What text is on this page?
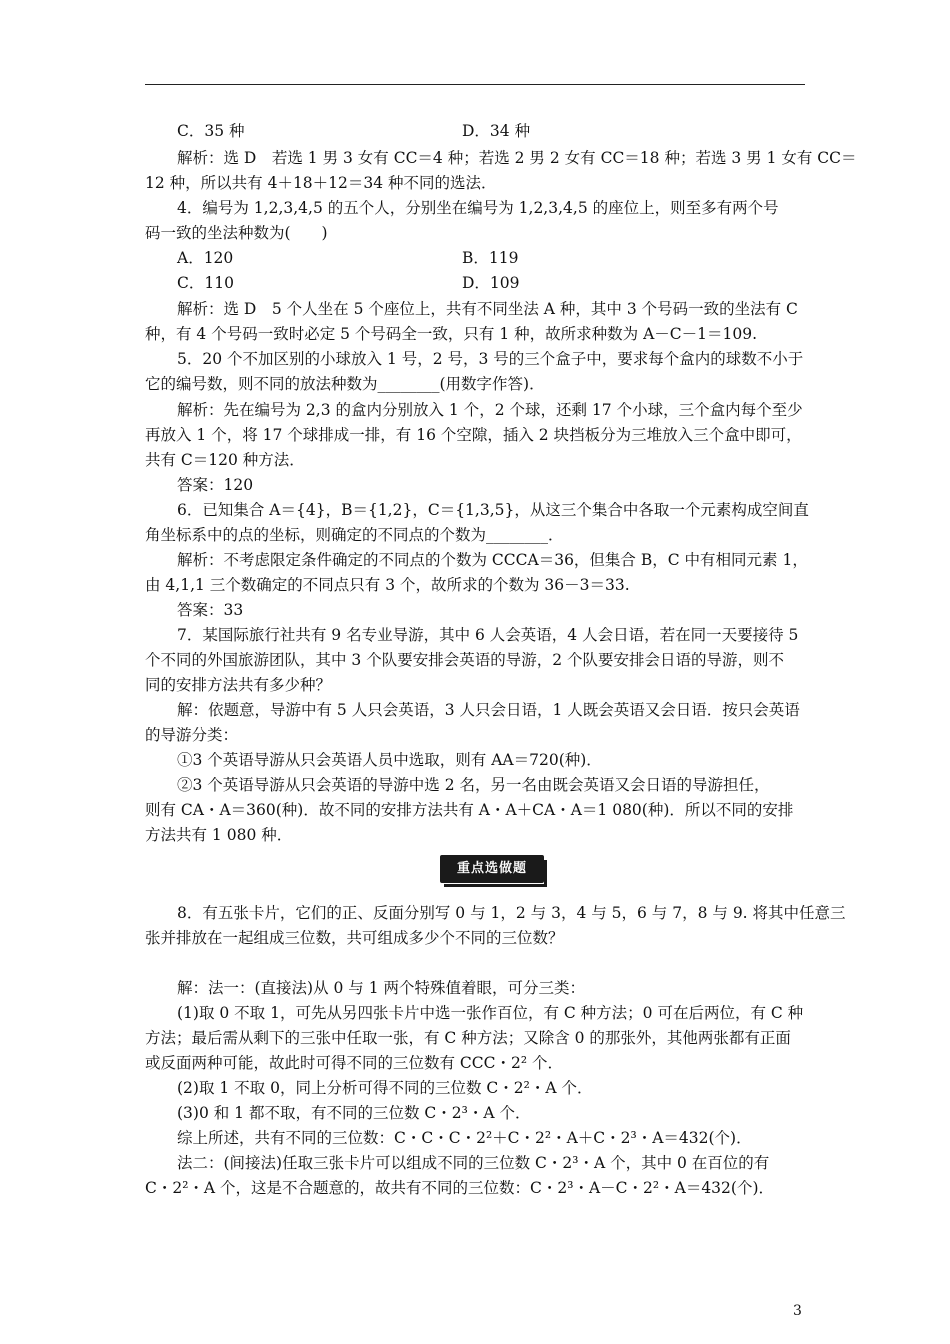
C．35 种	D．34 种
解析：选 D　若选 1 男 3 女有 CC＝4 种；若选 2 男 2 女有 CC＝18 种；若选 3 男 1 女有 CC＝
12 种，所以共有 4＋18＋12＝34 种不同的选法．
4．编号为 1,2,3,4,5 的五个人，分别坐在编号为 1,2,3,4,5 的座位上，则至多有两个号
码一致的坐法种数为(　　)
A．120	B．119
C．110	D．109
解析：选 D　5 个人坐在 5 个座位上，共有不同坐法 A 种，其中 3 个号码一致的坐法有 C
种，有 4 个号码一致时必定 5 个号码全一致，只有 1 种，故所求种数为 A－C－1＝109.
5．20 个不加区别的小球放入 1 号，2 号，3 号的三个盒子中，要求每个盒内的球数不小于
它的编号数，则不同的放法种数为________(用数字作答)．
解析：先在编号为 2,3 的盒内分别放入 1 个，2 个球，还剩 17 个小球，三个盒内每个至少
再放入 1 个，将 17 个球排成一排，有 16 个空隙，插入 2 块挡板分为三堆放入三个盒中即可，
共有 C＝120 种方法．
答案：120
6．已知集合 A＝{4}，B＝{1,2}，C＝{1,3,5}，从这三个集合中各取一个元素构成空间直
角坐标系中的点的坐标，则确定的不同点的个数为________．
解析：不考虑限定条件确定的不同点的个数为 CCCA＝36，但集合 B，C 中有相同元素 1，
由 4,1,1 三个数确定的不同点只有 3 个，故所求的个数为 36－3＝33.
答案：33
7．某国际旅行社共有 9 名专业导游，其中 6 人会英语，4 人会日语，若在同一天要接待 5
个不同的外国旅游团队，其中 3 个队要安排会英语的导游，2 个队要安排会日语的导游，则不
同的安排方法共有多少种？
解：依题意，导游中有 5 人只会英语，3 人只会日语，1 人既会英语又会日语．按只会英语
的导游分类：
①3 个英语导游从只会英语人员中选取，则有 AA＝720(种)．
②3 个英语导游从只会英语的导游中选 2 名，另一名由既会英语又会日语的导游担任，
则有 CA・A＝360(种)．故不同的安排方法共有 A・A＋CA・A＝1 080(种)．所以不同的安排
方法共有 1 080 种．
重点选做题
8．有五张卡片，它们的正、反面分别写 0 与 1，2 与 3，4 与 5，6 与 7，8 与 9. 将其中任意三
张并排放在一起组成三位数，共可组成多少个不同的三位数？
解：法一：(直接法)从 0 与 1 两个特殊值着眼，可分三类：
(1)取 0 不取 1，可先从另四张卡片中选一张作百位，有 C 种方法；0 可在后两位，有 C 种
方法；最后需从剩下的三张中任取一张，有 C 种方法；又除含 0 的那张外，其他两张都有正面
或反面两种可能，故此时可得不同的三位数有 CCC・2² 个．
(2)取 1 不取 0，同上分析可得不同的三位数 C・2²・A 个．
(3)0 和 1 都不取，有不同的三位数 C・2³・A 个．
综上所述，共有不同的三位数：C・C・C・2²＋C・2²・A＋C・2³・A＝432(个)．
法二：(间接法)任取三张卡片可以组成不同的三位数 C・2³・A 个，其中 0 在百位的有
C・2²・A 个，这是不合题意的，故共有不同的三位数：C・2³・A－C・2²・A＝432(个)．
3
